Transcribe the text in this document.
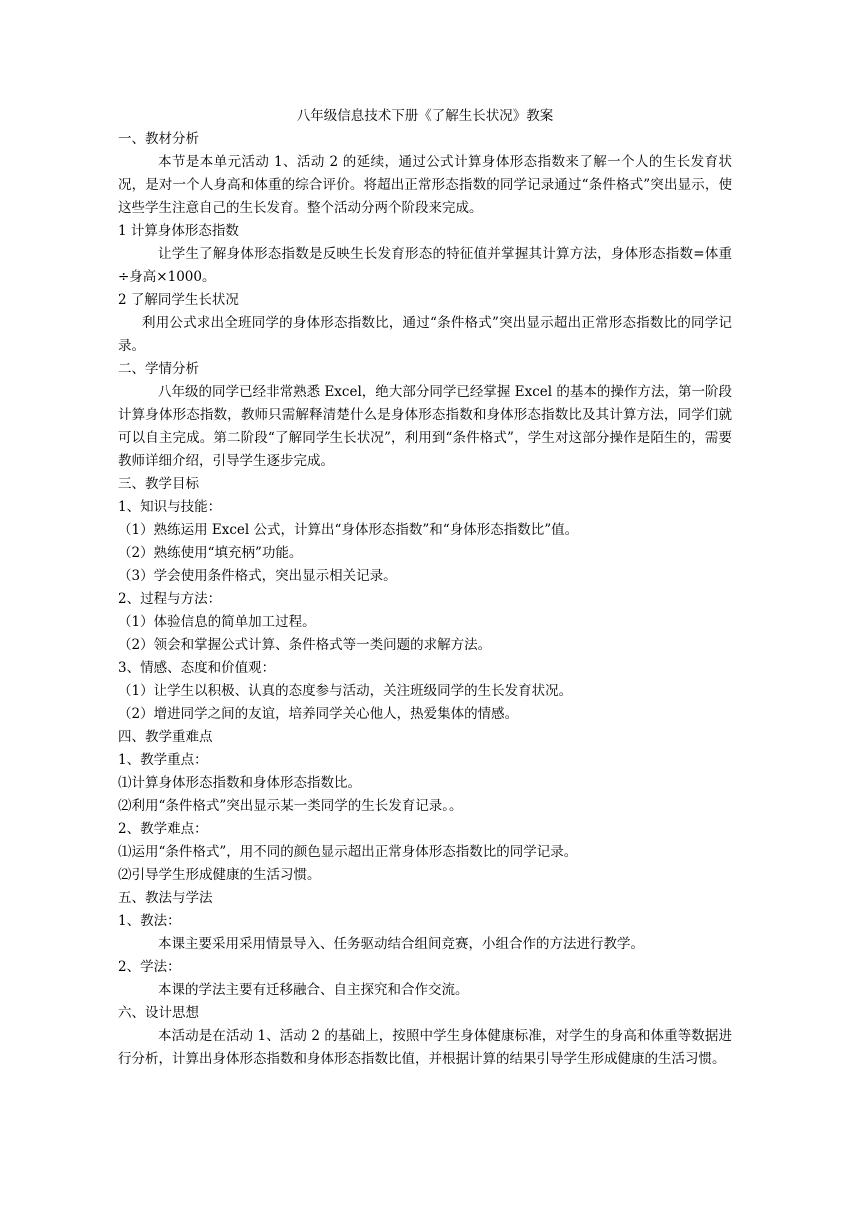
八年级信息技术下册《了解生长状况》教案

一、教材分析

本节是本单元活动 1、活动 2 的延续，通过公式计算身体形态指数来了解一个人的生长发育状况，是对一个人身高和体重的综合评价。将超出正常形态指数的同学记录通过“条件格式”突出显示，使这些学生注意自己的生长发育。整个活动分两个阶段来完成。

1 计算身体形态指数

让学生了解身体形态指数是反映生长发育形态的特征值并掌握其计算方法，身体形态指数=体重÷身高×1000。

2 了解同学生长状况

利用公式求出全班同学的身体形态指数比，通过“条件格式”突出显示超出正常形态指数比的同学记录。

二、学情分析

八年级的同学已经非常熟悉 Excel，绝大部分同学已经掌握 Excel 的基本的操作方法，第一阶段计算身体形态指数，教师只需解释清楚什么是身体形态指数和身体形态指数比及其计算方法，同学们就可以自主完成。第二阶段“了解同学生长状况”，利用到“条件格式”，学生对这部分操作是陌生的，需要教师详细介绍，引导学生逐步完成。

三、教学目标

1、知识与技能：

（1）熟练运用 Excel 公式，计算出“身体形态指数”和“身体形态指数比”值。

（2）熟练使用“填充柄”功能。

（3）学会使用条件格式，突出显示相关记录。

2、过程与方法：

（1）体验信息的简单加工过程。

（2）领会和掌握公式计算、条件格式等一类问题的求解方法。

3、情感、态度和价值观：

（1）让学生以积极、认真的态度参与活动，关注班级同学的生长发育状况。

（2）增进同学之间的友谊，培养同学关心他人，热爱集体的情感。

四、教学重难点

1、教学重点：

⑴计算身体形态指数和身体形态指数比。

⑵利用“条件格式”突出显示某一类同学的生长发育记录。。

2、教学难点：

⑴运用“条件格式”，用不同的颜色显示超出正常身体形态指数比的同学记录。

⑵引导学生形成健康的生活习惯。

五、教法与学法

1、教法：

本课主要采用采用情景导入、任务驱动结合组间竞赛，小组合作的方法进行教学。

2、学法：

本课的学法主要有迁移融合、自主探究和合作交流。

六、设计思想

本活动是在活动 1、活动 2 的基础上，按照中学生身体健康标准，对学生的身高和体重等数据进行分析，计算出身体形态指数和身体形态指数比值，并根据计算的结果引导学生形成健康的生活习惯。
